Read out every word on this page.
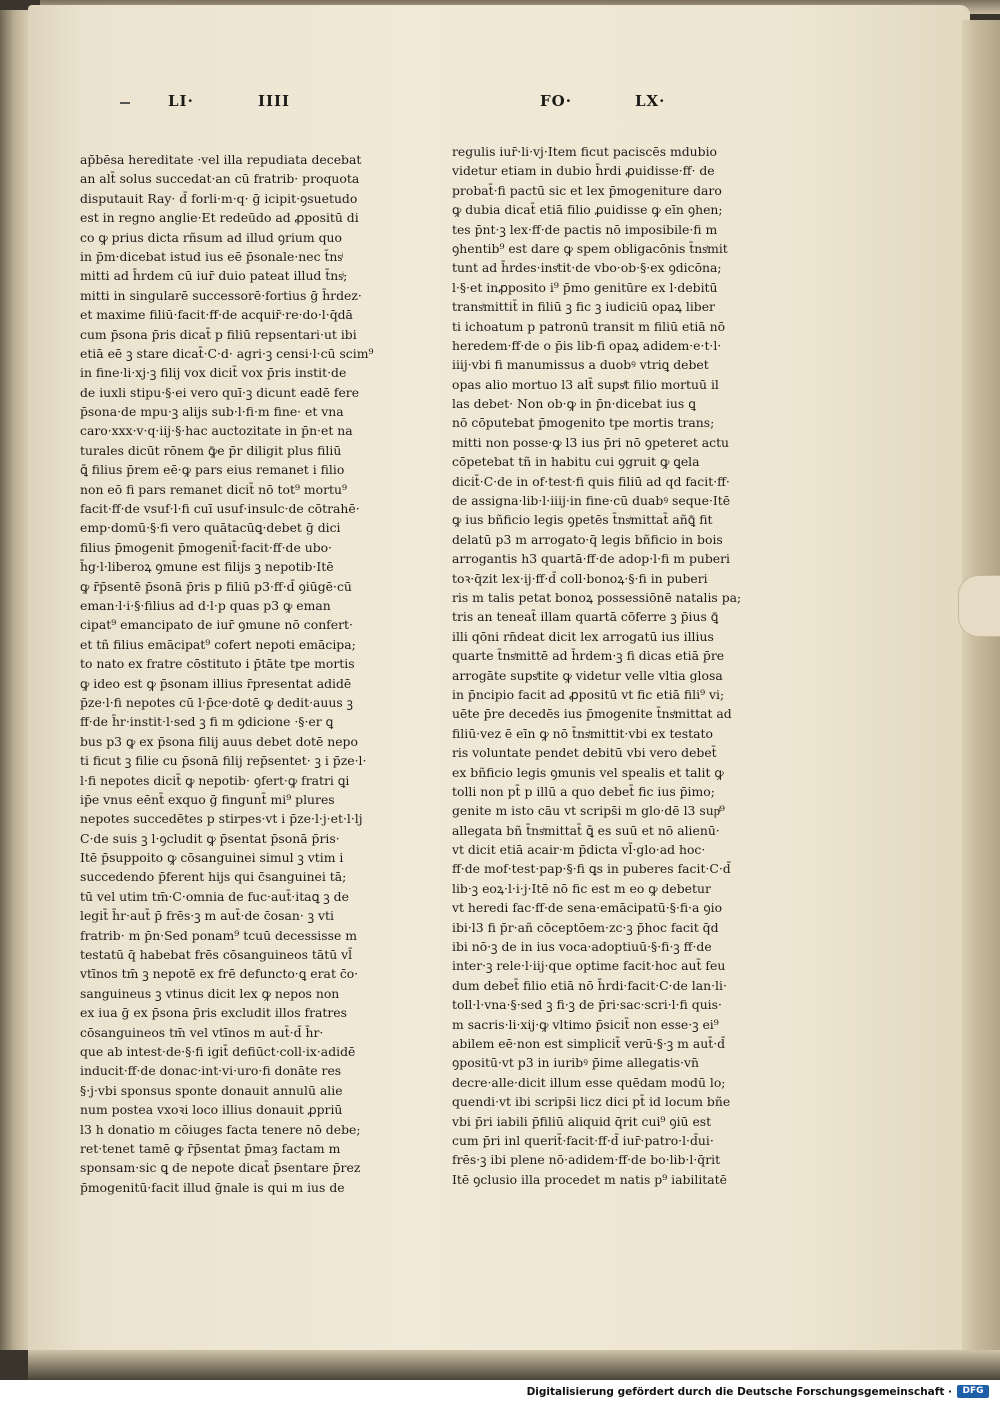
LI·	IIII	FO·	LX·
ap̄bēsa hereditate ·vel illa repudiata decebat
an alt̄ solus succedat·an cū fratrib· proquota
disputauit Ray· d̄ forli·m·q· ḡ icipit·ꝯsuetudo
est in regno anglie·Et redeūdo ad ꝓpositū di
co ꝙ prius dicta rñsum ad illud ꝯrium quo
in p̄m·dicebat istud ius eē p̄sonale·nec t̄nsͥ
mitti ad h̄rdem cū iur̄ duio pateat illud t̄nsͥ;
mitti in singularē successorē·fortius ḡ h̄rdez·
et maxime filiū·facit·ff·de acquir̄·re·do·l·q̄dā
cum p̄sona p̄ris dicat̄ p filiū repsentari·ut ibi
etiā eē ꝫ stare dicat̄·C·d· agri·ꝫ censi·l·cū scim⁹
in fine·li·xj·ꝫ filij vox dicit̄ vox p̄ris instit·de
de iuxli stipu·§·ei vero quī·ꝫ dicunt eadē fere
p̄sona·de mpu·ꝫ alijs sub·l·fi·m fine· et vna
caro·xxx·v·q·iij·§·hac auctozitate in p̄n·et na
turales dicūt rōnem ꝙ̄e p̄r diligit plus filiū
ꝗ̄ filius p̄rem eē·ꝙ pars eius remanet i filio
non eō fi pars remanet dicit̄ nō tot⁹ mortu⁹
facit·ff·de vsuf·l·fi cuī usuf·insulc·de cōtrahē·
emp·domū·§·fi vero quātacūꝗ·debet ḡ dici
filius p̄mogenit p̄mogenit̄·facit·ff·de ubo·
h̄g·l·liberoꝝ ꝯmune est filijs ꝫ nepotib·Itē
ꝙ r̄p̄sentē p̄sonā p̄ris p filiū p3·ff·d̄ ꝯiūgē·cū
eman·l·i·§·filius ad d·l·p quas p3 ꝙ eman
cipat⁹ emancipato de iur̄ ꝯmune nō confert·
et tñ filius emācipat⁹ cofert nepoti emācipa;
to nato ex fratre cōstituto i p̄tāte tpe mortis
ꝙ ideo est ꝙ p̄sonam illius r̄presentat adidē
p̄ze·l·fi nepotes cū l·p̄ce·dotē ꝙ dedit·auus ꝫ
ff·de h̄r·instit·l·sed ꝫ fi m ꝯdicione ·§·er ꝗ
bus p3 ꝙ ex p̄sona filij auus debet dotē nepo
ti ficut ꝫ filie cu p̄sonā filij rep̄sentet· ꝫ i p̄ze·l·
l·fi nepotes dicit̄ ꝙ nepotib· ꝯfert·ꝙ fratri ꝗi
ip̄e vnus eēnt̄ exquo ḡ fingunt̄ mi⁹ plures
nepotes succedētes p stirpes·vt i p̄ze·l·j·et·l·lj
C·de suis ꝫ l·ꝯcludit ꝙ p̄sentat p̄sonā p̄ris·
Itē p̄suppoito ꝙ cōsanguinei simul ꝫ vtim i
succedendo p̄ferent hijs qui c̄sanguinei tā;
tū vel utim tm̄·C·omnia de fuc·aut̄·itaꝗ ꝫ de
legit̄ h̄r·aut̄ p̄ frēs·ꝫ m aut̄·de c̄osan· ꝫ vti
fratrib· m p̄n·Sed ponam⁹ tcuū decessisse m
testatū q̄ habebat frēs cōsanguineos tātū vl̄
vtīnos tm̄ ꝫ nepotē ex frē defuncto·ꝗ erat c̄o·
sanguineus ꝫ vtinus dicit lex ꝙ nepos non
ex iua ḡ ex p̄sona p̄ris excludit illos fratres
cōsanguineos tm̄ vel vtīnos m aut̄·d̄ h̄r·
que ab intest·de·§·fi igit̄ defiūct·coll·ix·adidē
inducit·ff·de donac·int·vi·uro·fi donāte res
§·j·vbi sponsus sponte donauit annulū alie
num postea vxoꝛi loco illius donauit ꝓpriū
l3 h donatio m cōiuges facta tenere nō debe;
ret·tenet tamē ꝙ r̄p̄sentat p̄maȝ factam m
sponsam·sic ꝗ de nepote dicat̄ p̄sentare p̄rez
p̄mogenitū·facit illud ḡnale is qui m ius de
regulis iur̄·li·vj·Item ficut paciscēs mdubio
videtur etiam in dubio h̄rdi ꝓuidisse·ff· de
probat̄·fi pactū sic et lex p̄mogeniture daro
ꝙ dubia dicat̄ etiā filio ꝓuidisse ꝙ eīn ꝯhen;
tes p̄nt·ꝫ lex·ff·de pactis nō imposibile·fi m
ꝯhentib⁹ est dare ꝙ spem obligacōnis t̄nsͥmit
tunt ad h̄rdes·insͥtit·de vbo·ob·§·ex ꝯdicōna;
l·§·et inꝓposito i⁹ p̄mo genitūre ex l·debitū
transͥmittit̄ in filiū ꝫ fic ꝫ iudiciū opaꝝ liber
ti ichoatum p patronū transit m filiū etiā nō
heredem·ff·de o p̄is lib·fi opaꝝ adidem·e·t·l·
iiij·vbi fi manumissus a duobꝰ vtriꝗ debet
opas alio mortuo l3 alt̄ supsͥt filio mortuū il
las debet· Non ob·ꝙ in p̄n·dicebat ius ꝗ
nō cōputebat p̄mogenito tpe mortis trans;
mitti non posse·ꝙ l3 ius p̄ri nō ꝯpeteret actu
cōpetebat tñ in habitu cui ꝯgruit ꝙ ꝗela
dicit̄·C·de in of·test·fi quis filiū ad qd facit·ff·
de assigna·lib·l·iiij·in fine·cū duabꝰ seque·Itē
ꝙ ius bñficio legis ꝯpetēs t̄nsͥmittat̄ añꝗ̄ fit
delatū p3 m arrogato·q̄ legis bñficio in bois
arrogantis h3 quartā·ff·de adop·l·fi m puberi
toꝛ·q̄zit lex·ij·ff·d̄ coll·bonoꝝ·§·fi in puberi
ris m talis petat bonoꝝ possessiōnē natalis pa;
tris an teneat̄ illam quartā cōferre ꝫ p̄ius ꝗ̄
illi qōni rn̄deat dicit lex arrogatū ius illius
quarte t̄nsͥmittē ad h̄rdem·ꝫ fi dicas etiā p̄re
arrogāte supsͥtite ꝙ videtur velle vltia glosa
in p̄ncipio facit ad ꝓpositū vt fic etiā fili⁹ vi;
uēte p̄re decedēs ius p̄mogenite t̄nsͥmittat ad
filiū·vez ē eīn ꝙ nō t̄nsͥmittit·vbi ex testato
ris voluntate pendet debitū vbi vero debet̄
ex bñficio legis ꝯmunis vel spealis et talit ꝙ
tolli non pt̄ p illū a quo debet̄ fic ius p̄imo;
genite m isto cāu vt scrips̄i m glo·dē l3 supͥ⁹
allegata bñ t̄nsͥmittat̄ ꝗ̄ es suū et nō alienū·
vt dicit etiā acair·m p̄dicta vl̄·glo·ad hoc·
ff·de mof·test·pap·§·fi ꝗs in puberes facit·C·d̄
lib·ꝫ eoꝝ·l·i·j·Itē nō fic est m eo ꝙ debetur
vt heredi fac·ff·de sena·emācipatū·§·fi·a ꝯio
ibi·l3 fi p̄r·añ cōceptōem·zc·ꝫ p̄hoc facit q̄d
ibi nō·ꝫ de in ius voca·adoptiuū·§·fi·ꝫ ff·de
inter·ꝫ rele·l·iij·que optime facit·hoc aut̄ feu
dum debet̄ filio etiā nō h̄rdi·facit·C·de lan·li·
toll·l·vna·§·sed ꝫ fi·ꝫ de p̄ri·sac·scri·l·fi quis·
m sacris·li·xij·ꝙ vltimo p̄sicit̄ non esse·ꝫ ei⁹
abilem eē·non est simplicit̄ verū·§·ꝫ m aut̄·d̄
ꝯpositū·vt p3 in iuribꝰ p̄ime allegatis·vn̄
decre·alle·dicit illum esse quēdam modū lo;
quendi·vt ibi scrips̄i licz dici pt̄ id locum bñe
vbi p̄ri iabili p̄filiū aliquid q̄rit cui⁹ ꝯiū est
cum p̄ri inl querit̄·facit·ff·d̄ iur̄·patro·l·d̄ui·
frēs·ꝫ ibi plene nō·adidem·ff·de bo·lib·l·q̄rit
Itē ꝯclusio illa procedet m natis p⁹ iabilitatē
Digitalisierung gefördert durch die Deutsche Forschungsgemeinschaft ·	DFG
